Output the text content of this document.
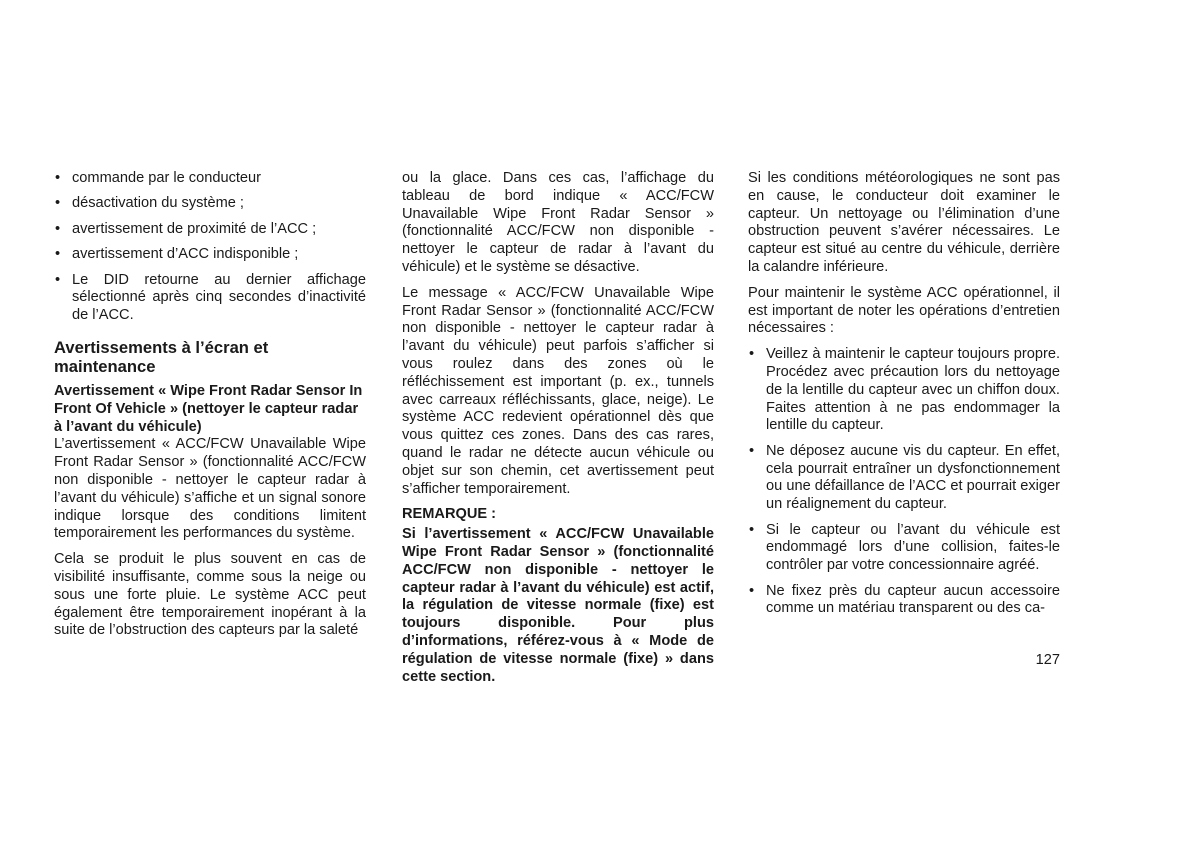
• commande par le conducteur
• désactivation du système ;
• avertissement de proximité de l’ACC ;
• avertissement d’ACC indisponible ;
• Le DID retourne au dernier affichage sélectionné après cinq secondes d’inactivité de l’ACC.
Avertissements à l’écran et maintenance
Avertissement « Wipe Front Radar Sensor In Front Of Vehicle » (nettoyer le capteur radar à l’avant du véhicule)

L’avertissement « ACC/FCW Unavailable Wipe Front Radar Sensor » (fonctionnalité ACC/FCW non disponible - nettoyer le capteur radar à l’avant du véhicule) s’affiche et un signal sonore indique lorsque des conditions limitent temporairement les performances du système.

Cela se produit le plus souvent en cas de visibilité insuffisante, comme sous la neige ou sous une forte pluie. Le système ACC peut également être temporairement inopérant à la suite de l’obstruction des capteurs par la saleté

ou la glace. Dans ces cas, l’affichage du tableau de bord indique « ACC/FCW Unavailable Wipe Front Radar Sensor » (fonctionnalité ACC/FCW non disponible - nettoyer le capteur de radar à l’avant du véhicule) et le système se désactive.

Le message « ACC/FCW Unavailable Wipe Front Radar Sensor » (fonctionnalité ACC/FCW non disponible - nettoyer le capteur radar à l’avant du véhicule) peut parfois s’afficher si vous roulez dans des zones où le réfléchissement est important (p. ex., tunnels avec carreaux réfléchissants, glace, neige). Le système ACC redevient opérationnel dès que vous quittez ces zones. Dans des cas rares, quand le radar ne détecte aucun véhicule ou objet sur son chemin, cet avertissement peut s’afficher temporairement.

REMARQUE :

Si l’avertissement « ACC/FCW Unavailable Wipe Front Radar Sensor » (fonctionnalité ACC/FCW non disponible - nettoyer le capteur radar à l’avant du véhicule) est actif, la régulation de vitesse normale (fixe) est toujours disponible. Pour plus d’informations, référez-vous à « Mode de régulation de vitesse normale (fixe) » dans cette section.

Si les conditions météorologiques ne sont pas en cause, le conducteur doit examiner le capteur. Un nettoyage ou l’élimination d’une obstruction peuvent s’avérer nécessaires. Le capteur est situé au centre du véhicule, derrière la calandre inférieure.

Pour maintenir le système ACC opérationnel, il est important de noter les opérations d’entretien nécessaires :

• Veillez à maintenir le capteur toujours propre. Procédez avec précaution lors du nettoyage de la lentille du capteur avec un chiffon doux. Faites attention à ne pas endommager la lentille du capteur.
• Ne déposez aucune vis du capteur. En effet, cela pourrait entraîner un dysfonctionnement ou une défaillance de l’ACC et pourrait exiger un réalignement du capteur.
• Si le capteur ou l’avant du véhicule est endommagé lors d’une collision, faites-le contrôler par votre concessionnaire agréé.
• Ne fixez près du capteur aucun accessoire comme un matériau transparent ou des ca-
127
